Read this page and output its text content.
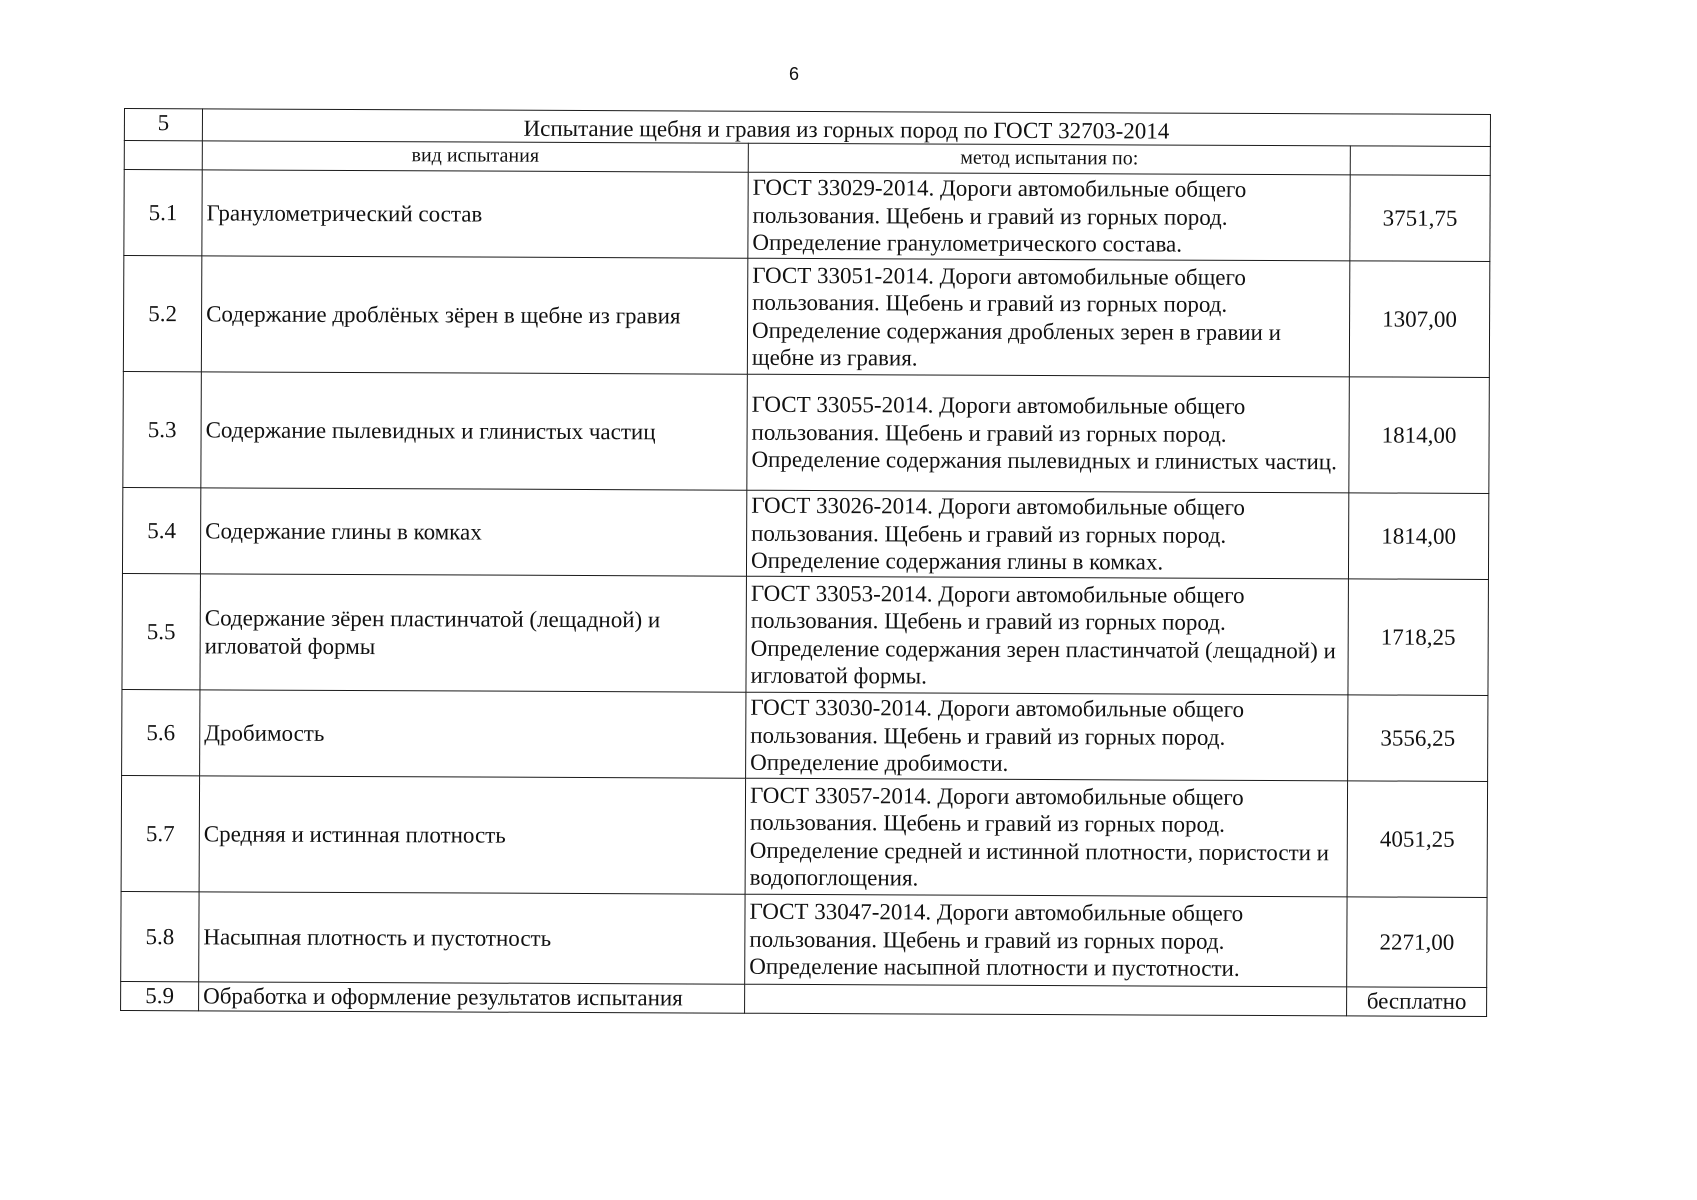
6
5	Испытание щебня и гравия из горных пород по ГОСТ 32703-2014		
	вид испытания	метод испытания по:	
5.1	Гранулометрический состав	ГОСТ 33029-2014. Дороги автомобильные общего пользования. Щебень и гравий из горных пород. Определение гранулометрического состава.	3751,75
5.2	Содержание дроблёных зёрен в щебне из гравия	ГОСТ 33051-2014. Дороги автомобильные общего пользования. Щебень и гравий из горных пород. Определение содержания дробленых зерен в гравии и щебне из гравия.	1307,00
5.3	Содержание пылевидных и глинистых частиц	ГОСТ 33055-2014. Дороги автомобильные общего пользования. Щебень и гравий из горных пород. Определение содержания пылевидных и глинистых частиц.	1814,00
5.4	Содержание глины в комках	ГОСТ 33026-2014. Дороги автомобильные общего пользования. Щебень и гравий из горных пород. Определение содержания глины в комках.	1814,00
5.5	Содержание зёрен пластинчатой (лещадной) и игловатой формы	ГОСТ 33053-2014. Дороги автомобильные общего пользования. Щебень и гравий из горных пород. Определение содержания зерен пластинчатой (лещадной) и игловатой формы.	1718,25
5.6	Дробимость	ГОСТ 33030-2014. Дороги автомобильные общего пользования. Щебень и гравий из горных пород. Определение дробимости.	3556,25
5.7	Средняя и истинная плотность	ГОСТ 33057-2014. Дороги автомобильные общего пользования. Щебень и гравий из горных пород. Определение средней и истинной плотности, пористости и водопоглощения.	4051,25
5.8	Насыпная плотность и пустотность	ГОСТ 33047-2014. Дороги автомобильные общего пользования. Щебень и гравий из горных пород. Определение насыпной плотности и пустотности.	2271,00
5.9	Обработка и оформление результатов испытания		бесплатно
